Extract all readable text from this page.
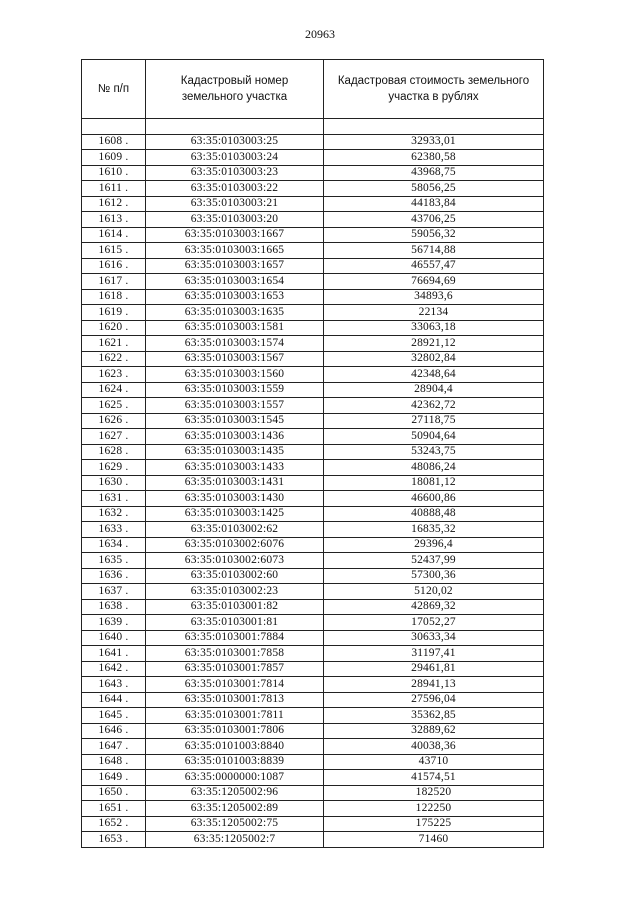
20963
№ п/п	Кадастровый номер земельного участка	Кадастровая стоимость земельного участка в рублях

1608 .	63:35:0103003:25	32933,01
1609 .	63:35:0103003:24	62380,58
1610 .	63:35:0103003:23	43968,75
1611 .	63:35:0103003:22	58056,25
1612 .	63:35:0103003:21	44183,84
1613 .	63:35:0103003:20	43706,25
1614 .	63:35:0103003:1667	59056,32
1615 .	63:35:0103003:1665	56714,88
1616 .	63:35:0103003:1657	46557,47
1617 .	63:35:0103003:1654	76694,69
1618 .	63:35:0103003:1653	34893,6
1619 .	63:35:0103003:1635	22134
1620 .	63:35:0103003:1581	33063,18
1621 .	63:35:0103003:1574	28921,12
1622 .	63:35:0103003:1567	32802,84
1623 .	63:35:0103003:1560	42348,64
1624 .	63:35:0103003:1559	28904,4
1625 .	63:35:0103003:1557	42362,72
1626 .	63:35:0103003:1545	27118,75
1627 .	63:35:0103003:1436	50904,64
1628 .	63:35:0103003:1435	53243,75
1629 .	63:35:0103003:1433	48086,24
1630 .	63:35:0103003:1431	18081,12
1631 .	63:35:0103003:1430	46600,86
1632 .	63:35:0103003:1425	40888,48
1633 .	63:35:0103002:62	16835,32
1634 .	63:35:0103002:6076	29396,4
1635 .	63:35:0103002:6073	52437,99
1636 .	63:35:0103002:60	57300,36
1637 .	63:35:0103002:23	5120,02
1638 .	63:35:0103001:82	42869,32
1639 .	63:35:0103001:81	17052,27
1640 .	63:35:0103001:7884	30633,34
1641 .	63:35:0103001:7858	31197,41
1642 .	63:35:0103001:7857	29461,81
1643 .	63:35:0103001:7814	28941,13
1644 .	63:35:0103001:7813	27596,04
1645 .	63:35:0103001:7811	35362,85
1646 .	63:35:0103001:7806	32889,62
1647 .	63:35:0101003:8840	40038,36
1648 .	63:35:0101003:8839	43710
1649 .	63:35:0000000:1087	41574,51
1650 .	63:35:1205002:96	182520
1651 .	63:35:1205002:89	122250
1652 .	63:35:1205002:75	175225
1653 .	63:35:1205002:7	71460
